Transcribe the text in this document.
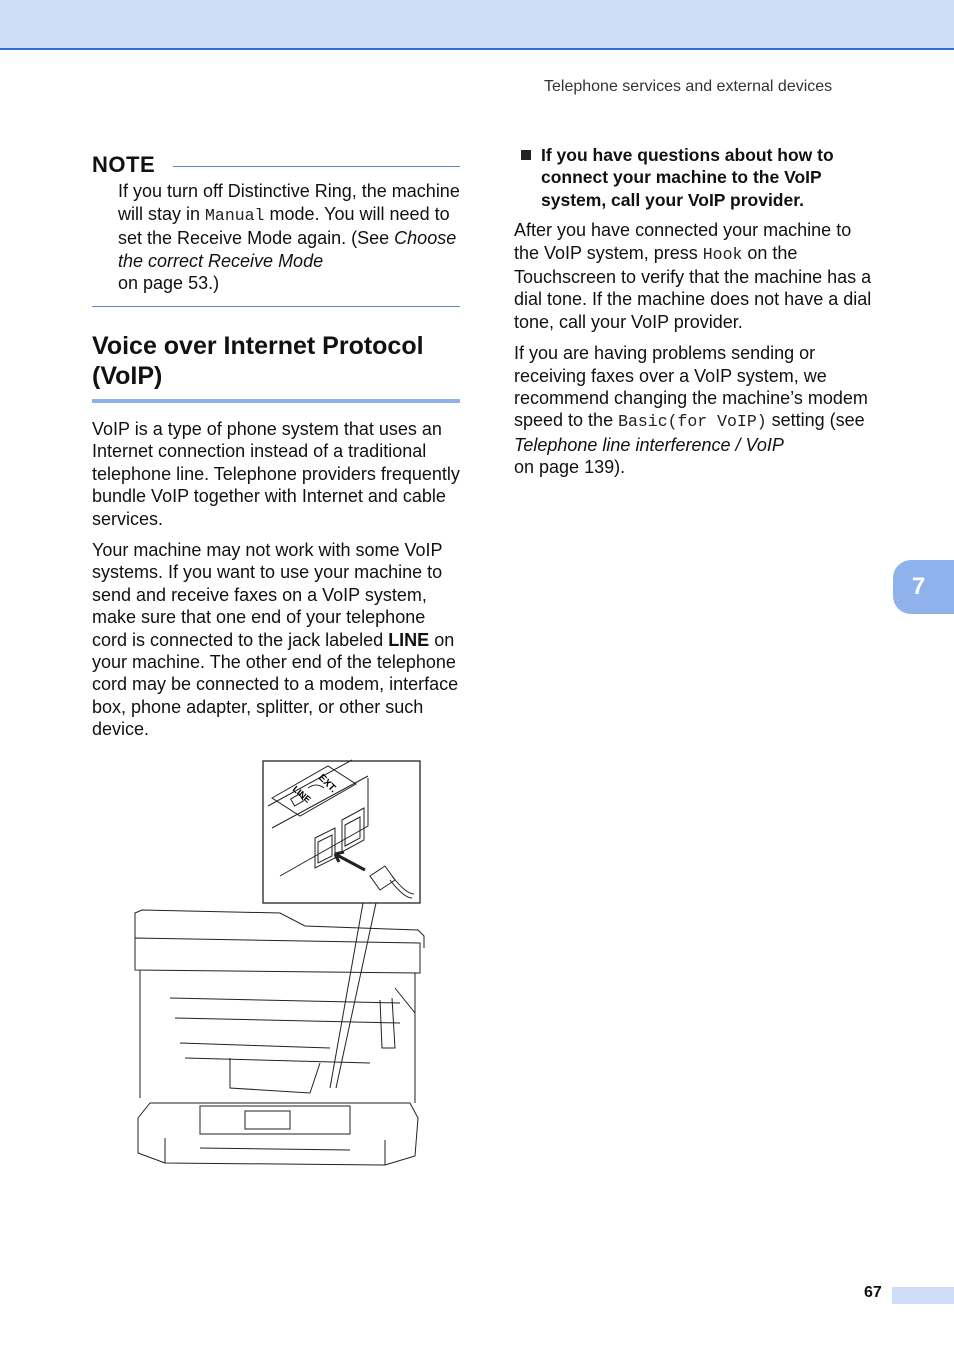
Telephone services and external devices
NOTE

If you turn off Distinctive Ring, the machine will stay in Manual mode. You will need to set the Receive Mode again. (See Choose the correct Receive Mode
on page 53.)

Voice over Internet Protocol (VoIP)

VoIP is a type of phone system that uses an Internet connection instead of a traditional telephone line. Telephone providers frequently bundle VoIP together with Internet and cable services.

Your machine may not work with some VoIP systems. If you want to use your machine to send and receive faxes on a VoIP system, make sure that one end of your telephone cord is connected to the jack labeled LINE on your machine. The other end of the telephone cord may be connected to a modem, interface box, phone adapter, splitter, or other such device.

EXT.
LINE
If you have questions about how to connect your machine to the VoIP system, call your VoIP provider.

After you have connected your machine to the VoIP system, press Hook on the Touchscreen to verify that the machine has a dial tone. If the machine does not have a dial tone, call your VoIP provider.

If you are having problems sending or receiving faxes over a VoIP system, we recommend changing the machine’s modem speed to the Basic(for VoIP) setting (see Telephone line interference / VoIP
on page 139).

7
67
